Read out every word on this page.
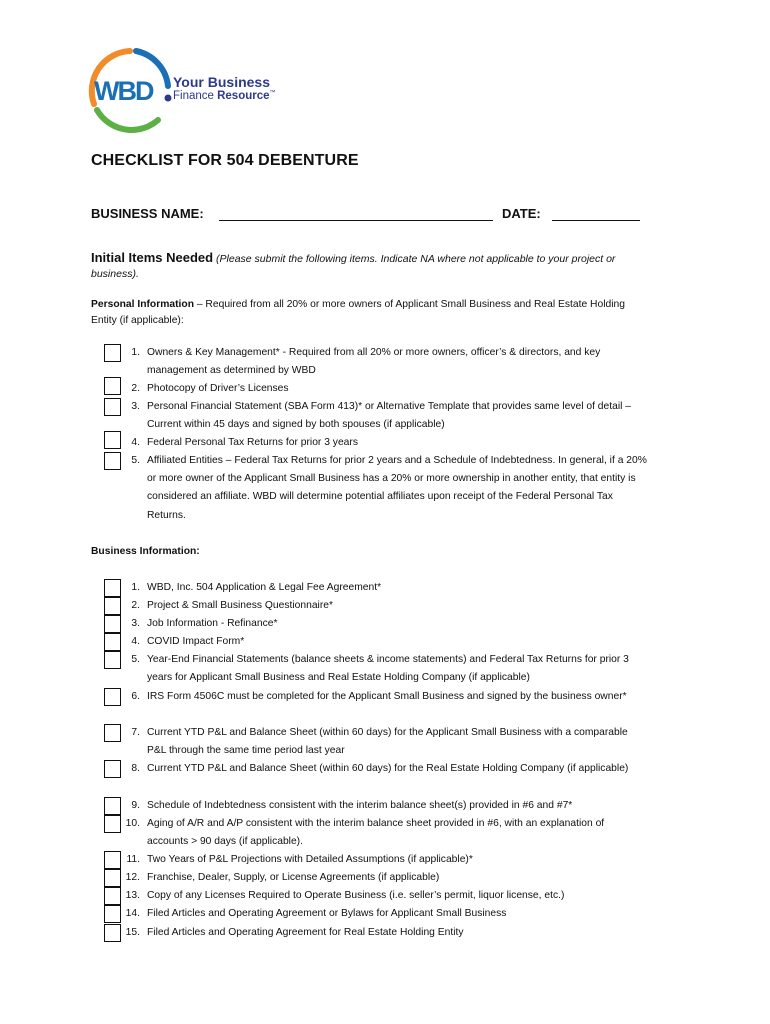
WBD Your Business
Finance Resource™
CHECKLIST FOR 504 DEBENTURE
BUSINESS NAME:	DATE:
Initial Items Needed (Please submit the following items. Indicate NA where not applicable to your project or business).
Personal Information – Required from all 20% or more owners of Applicant Small Business and Real Estate Holding Entity (if applicable):
1. Owners & Key Management* - Required from all 20% or more owners, officer’s & directors, and key management as determined by WBD
2. Photocopy of Driver’s Licenses
3. Personal Financial Statement (SBA Form 413)* or Alternative Template that provides same level of detail – Current within 45 days and signed by both spouses (if applicable)
4. Federal Personal Tax Returns for prior 3 years
5. Affiliated Entities – Federal Tax Returns for prior 2 years and a Schedule of Indebtedness. In general, if a 20% or more owner of the Applicant Small Business has a 20% or more ownership in another entity, that entity is considered an affiliate. WBD will determine potential affiliates upon receipt of the Federal Personal Tax Returns.
Business Information:
1. WBD, Inc. 504 Application & Legal Fee Agreement*
2. Project & Small Business Questionnaire*
3. Job Information - Refinance*
4. COVID Impact Form*
5. Year-End Financial Statements (balance sheets & income statements) and Federal Tax Returns for prior 3 years for Applicant Small Business and Real Estate Holding Company (if applicable)
6. IRS Form 4506C must be completed for the Applicant Small Business and signed by the business owner*
7. Current YTD P&L and Balance Sheet (within 60 days) for the Applicant Small Business with a comparable P&L through the same time period last year
8. Current YTD P&L and Balance Sheet (within 60 days) for the Real Estate Holding Company (if applicable)
9. Schedule of Indebtedness consistent with the interim balance sheet(s) provided in #6 and #7*
10. Aging of A/R and A/P consistent with the interim balance sheet provided in #6, with an explanation of accounts > 90 days (if applicable).
11. Two Years of P&L Projections with Detailed Assumptions (if applicable)*
12. Franchise, Dealer, Supply, or License Agreements (if applicable)
13. Copy of any Licenses Required to Operate Business (i.e. seller’s permit, liquor license, etc.)
14. Filed Articles and Operating Agreement or Bylaws for Applicant Small Business
15. Filed Articles and Operating Agreement for Real Estate Holding Entity
